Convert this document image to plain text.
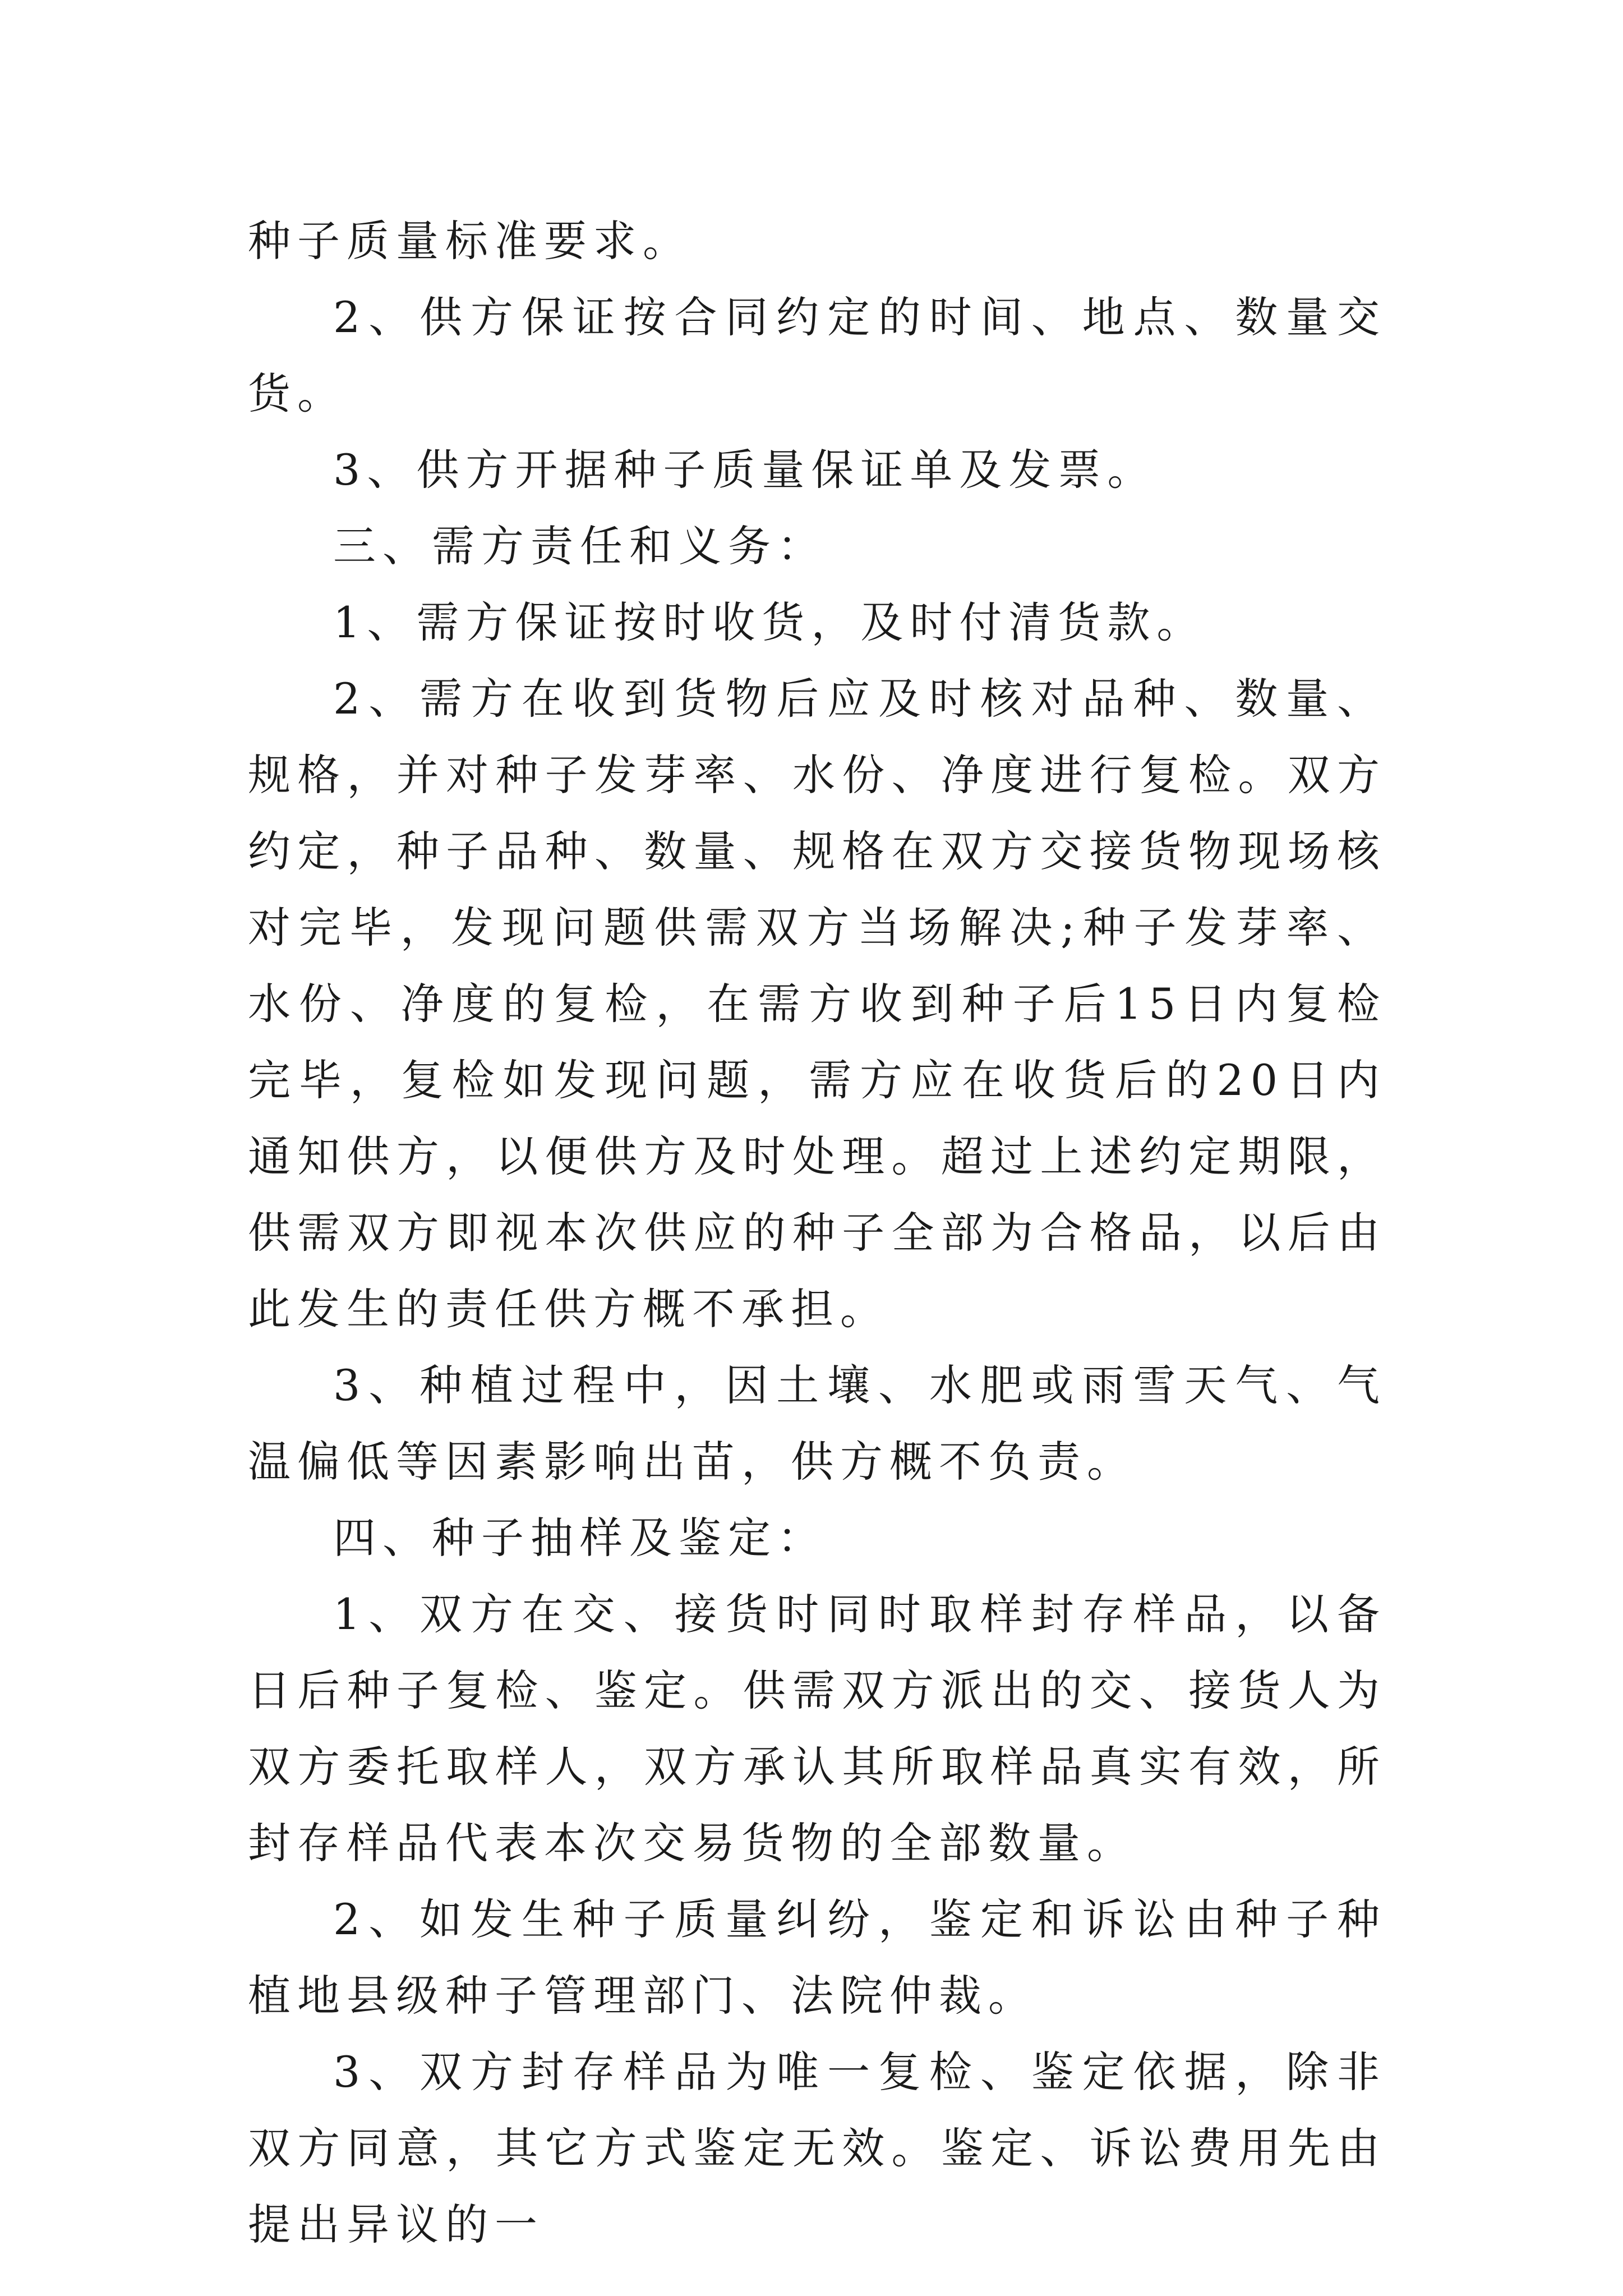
种子质量标准要求。

2、供方保证按合同约定的时间、地点、数量交货。

3、供方开据种子质量保证单及发票。

三、需方责任和义务：

1、需方保证按时收货，及时付清货款。

2、需方在收到货物后应及时核对品种、数量、规格，并对种子发芽率、水份、净度进行复检。双方约定，种子品种、数量、规格在双方交接货物现场核对完毕，发现问题供需双方当场解决;种子发芽率、水份、净度的复检，在需方收到种子后15日内复检完毕，复检如发现问题，需方应在收货后的20日内通知供方，以便供方及时处理。超过上述约定期限，供需双方即视本次供应的种子全部为合格品，以后由此发生的责任供方概不承担。

3、种植过程中，因土壤、水肥或雨雪天气、气温偏低等因素影响出苗，供方概不负责。

四、种子抽样及鉴定：

1、双方在交、接货时同时取样封存样品，以备日后种子复检、鉴定。供需双方派出的交、接货人为双方委托取样人，双方承认其所取样品真实有效，所封存样品代表本次交易货物的全部数量。

2、如发生种子质量纠纷，鉴定和诉讼由种子种植地县级种子管理部门、法院仲裁。

3、双方封存样品为唯一复检、鉴定依据，除非双方同意，其它方式鉴定无效。鉴定、诉讼费用先由提出异议的一
